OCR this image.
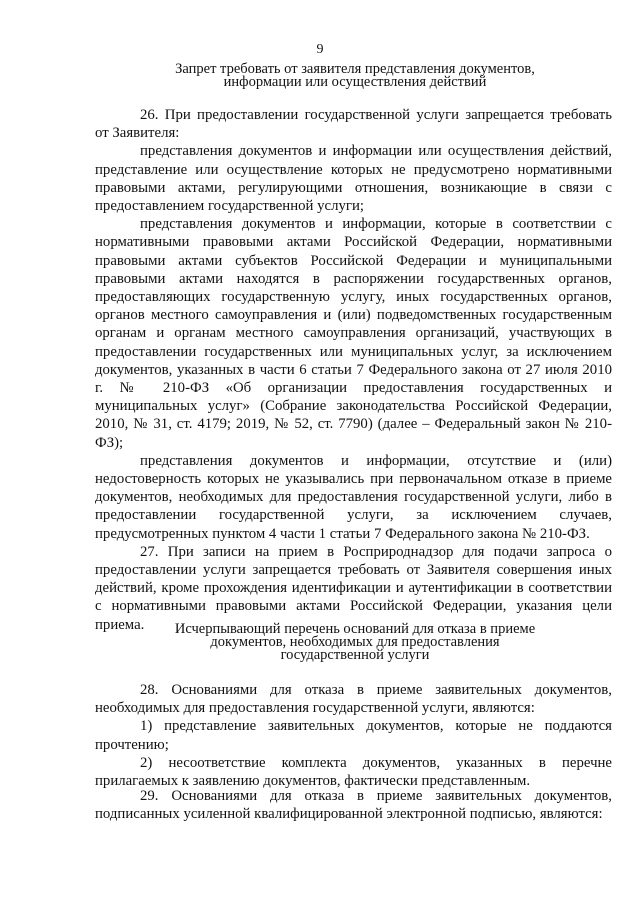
9
Запрет требовать от заявителя представления документов,
информации или осуществления действий

26. При предоставлении государственной услуги запрещается требовать от Заявителя:

представления документов и информации или осуществления действий, представление или осуществление которых не предусмотрено нормативными правовыми актами, регулирующими отношения, возникающие в связи с предоставлением государственной услуги;

представления документов и информации, которые в соответствии с нормативными правовыми актами Российской Федерации, нормативными правовыми актами субъектов Российской Федерации и муниципальными правовыми актами находятся в распоряжении государственных органов, предоставляющих государственную услугу, иных государственных органов, органов местного самоуправления и (или) подведомственных государственным органам и органам местного самоуправления организаций, участвующих в предоставлении государственных или муниципальных услуг, за исключением документов, указанных в части 6 статьи 7 Федерального закона от 27 июля 2010 г. № 210-ФЗ «Об организации предоставления государственных и муниципальных услуг» (Собрание законодательства Российской Федерации, 2010, № 31, ст. 4179; 2019, № 52, ст. 7790) (далее – Федеральный закон № 210-ФЗ);

представления документов и информации, отсутствие и (или) недостоверность которых не указывались при первоначальном отказе в приеме документов, необходимых для предоставления государственной услуги, либо в предоставлении государственной услуги, за исключением случаев, предусмотренных пунктом 4 части 1 статьи 7 Федерального закона № 210-ФЗ.

27. При записи на прием в Росприроднадзор для подачи запроса о предоставлении услуги запрещается требовать от Заявителя совершения иных действий, кроме прохождения идентификации и аутентификации в соответствии с нормативными правовыми актами Российской Федерации, указания цели приема.	Исчерпывающий перечень оснований для отказа в приеме
документов, необходимых для предоставления
государственной услуги

28. Основаниями для отказа в приеме заявительных документов, необходимых для предоставления государственной услуги, являются:

1) представление заявительных документов, которые не поддаются прочтению;

2) несоответствие комплекта документов, указанных в перечне прилагаемых к заявлению документов, фактически представленным.

29. Основаниями для отказа в приеме заявительных документов, подписанных усиленной квалифицированной электронной подписью, являются:
